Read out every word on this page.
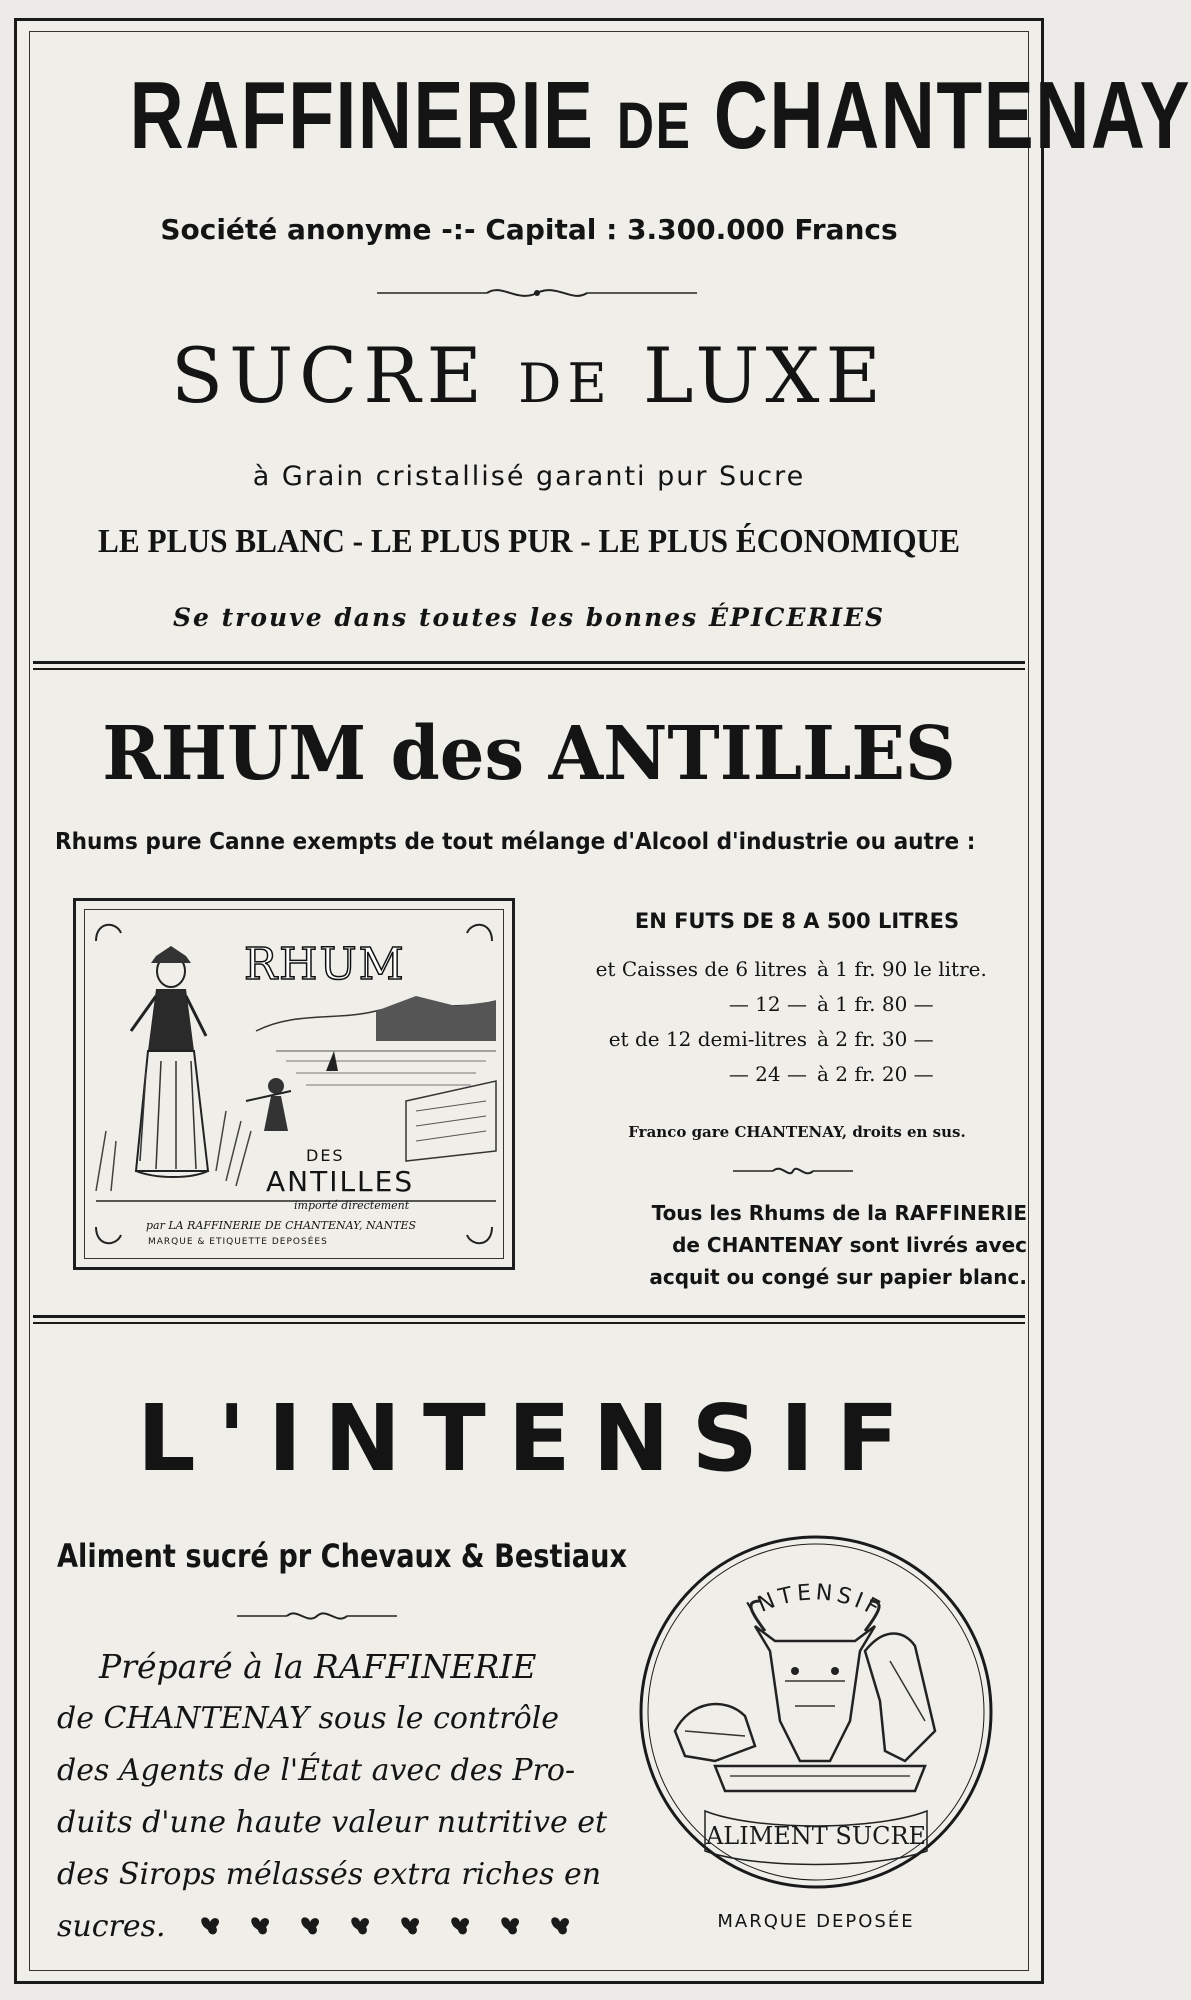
RAFFINERIE DE CHANTENAY
Société anonyme -:- Capital : 3.300.000 Francs
SUCRE DE LUXE
à Grain cristallisé garanti pur Sucre
LE PLUS BLANC - LE PLUS PUR - LE PLUS ÉCONOMIQUE
Se trouve dans toutes les bonnes ÉPICERIES
RHUM des ANTILLES
Rhums pure Canne exempts de tout mélange d'Alcool d'industrie ou autre :
RHUM
DES
ANTILLES
importé directement
par LA RAFFINERIE DE CHANTENAY, NANTES
MARQUE & ETIQUETTE DEPOSÉES
EN FUTS DE 8 A 500 LITRES
et Caisses de 6 litres à 1 fr. 90 le litre.
— 12 — à 1 fr. 80 —
et de 12 demi-litres à 2 fr. 30 —
— 24 — à 2 fr. 20 —
Franco gare CHANTENAY, droits en sus.
Tous les Rhums de la RAFFINERIE
de CHANTENAY sont livrés avec
acquit ou congé sur papier blanc.
L'INTENSIF
Aliment sucré pr Chevaux & Bestiaux
Préparé à la RAFFINERIE
de CHANTENAY sous le contrôle
des Agents de l'État avec des Pro-
duits d'une haute valeur nutritive et
des Sirops mélassés extra riches en
sucres.
INTENSIF
ALIMENT SUCRE
MARQUE DEPOSÉE
